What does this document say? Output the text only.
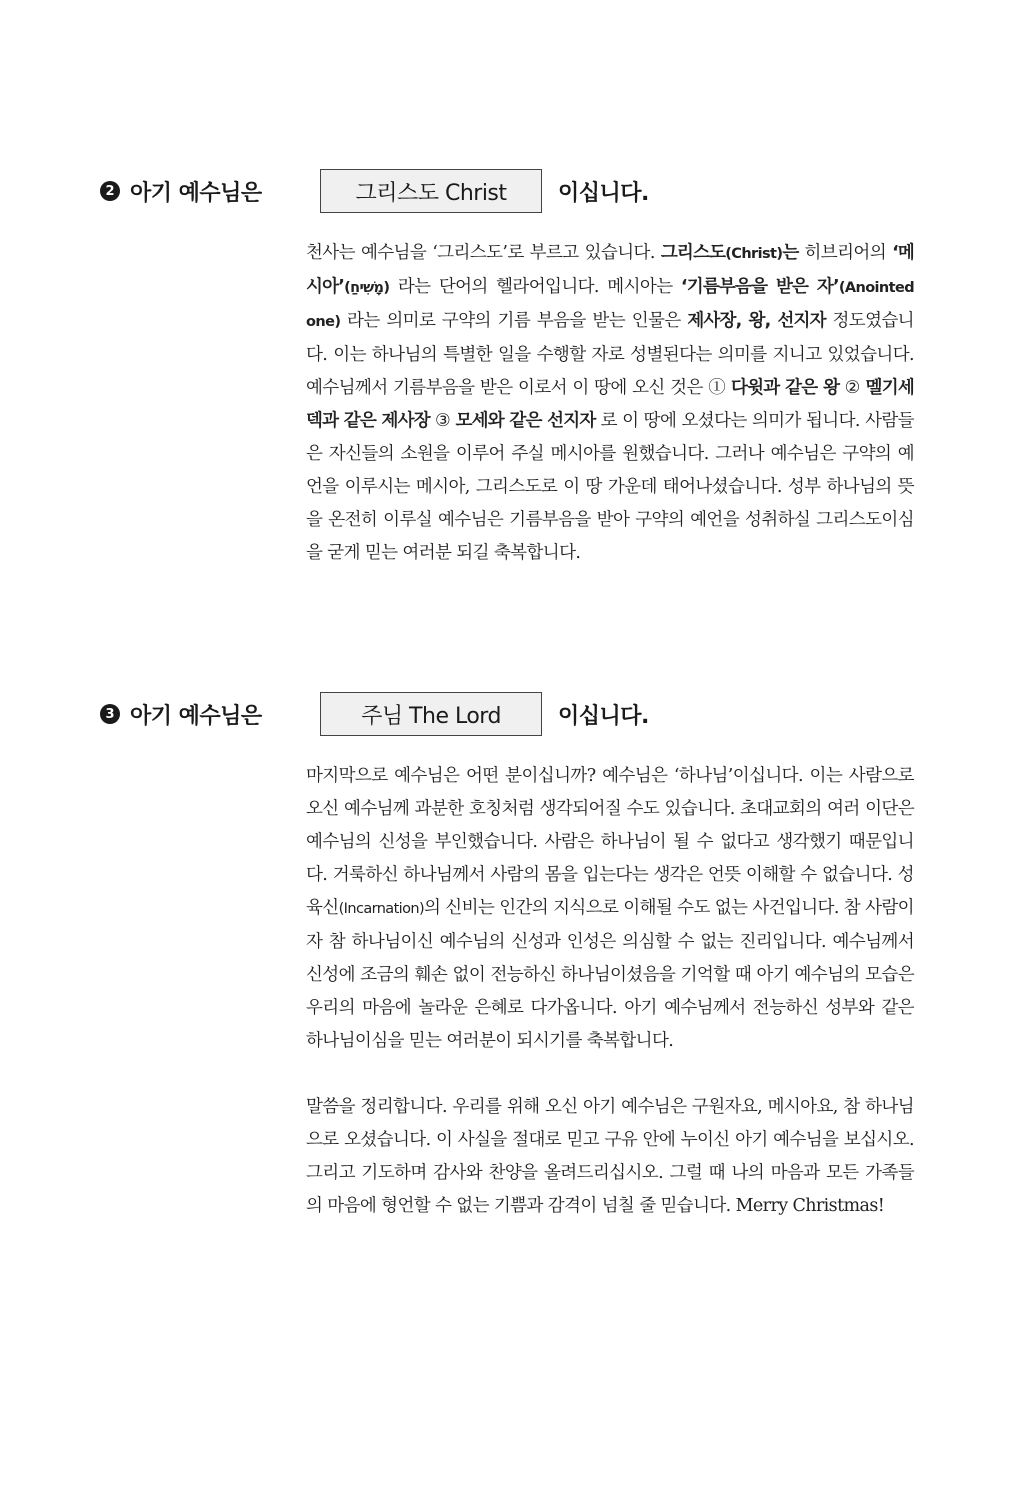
2 아기 예수님은	그리스도 Christ	이십니다.

천사는 예수님을 ‘그리스도’로 부르고 있습니다. 그리스도(Christ)는 히브리어의 ‘메시아’(מָשִׁיחַ) 라는 단어의 헬라어입니다. 메시아는 ‘기름부음을 받은 자’(Anointed one) 라는 의미로 구약의 기름 부음을 받는 인물은 제사장, 왕, 선지자 정도였습니다. 이는 하나님의 특별한 일을 수행할 자로 성별된다는 의미를 지니고 있었습니다. 예수님께서 기름부음을 받은 이로서 이 땅에 오신 것은 ① 다윗과 같은 왕 ② 멜기세덱과 같은 제사장 ③ 모세와 같은 선지자 로 이 땅에 오셨다는 의미가 됩니다. 사람들은 자신들의 소원을 이루어 주실 메시아를 원했습니다. 그러나 예수님은 구약의 예언을 이루시는 메시아, 그리스도로 이 땅 가운데 태어나셨습니다. 성부 하나님의 뜻을 온전히 이루실 예수님은 기름부음을 받아 구약의 예언을 성취하실 그리스도이심을 굳게 믿는 여러분 되길 축복합니다.

3 아기 예수님은	주님 The Lord	이십니다.

마지막으로 예수님은 어떤 분이십니까? 예수님은 ‘하나님’이십니다. 이는 사람으로 오신 예수님께 과분한 호칭처럼 생각되어질 수도 있습니다. 초대교회의 여러 이단은 예수님의 신성을 부인했습니다. 사람은 하나님이 될 수 없다고 생각했기 때문입니다. 거룩하신 하나님께서 사람의 몸을 입는다는 생각은 언뜻 이해할 수 없습니다. 성육신(Incarnation)의 신비는 인간의 지식으로 이해될 수도 없는 사건입니다. 참 사람이자 참 하나님이신 예수님의 신성과 인성은 의심할 수 없는 진리입니다. 예수님께서 신성에 조금의 훼손 없이 전능하신 하나님이셨음을 기억할 때 아기 예수님의 모습은 우리의 마음에 놀라운 은혜로 다가옵니다. 아기 예수님께서 전능하신 성부와 같은 하나님이심을 믿는 여러분이 되시기를 축복합니다.

말씀을 정리합니다. 우리를 위해 오신 아기 예수님은 구원자요, 메시아요, 참 하나님으로 오셨습니다. 이 사실을 절대로 믿고 구유 안에 누이신 아기 예수님을 보십시오. 그리고 기도하며 감사와 찬양을 올려드리십시오. 그럴 때 나의 마음과 모든 가족들의 마음에 형언할 수 없는 기쁨과 감격이 넘칠 줄 믿습니다. Merry Christmas!
